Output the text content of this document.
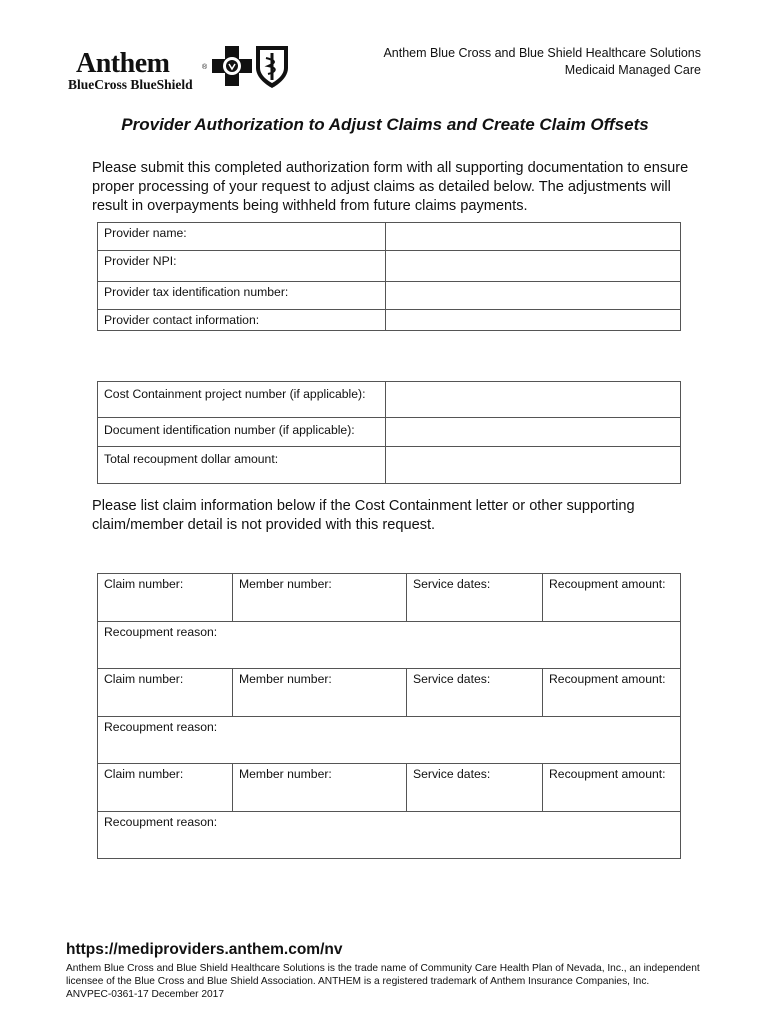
Anthem	®
BlueCross BlueShield
Anthem Blue Cross and Blue Shield Healthcare Solutions
Medicaid Managed Care
Provider Authorization to Adjust Claims and Create Claim Offsets
Please submit this completed authorization form with all supporting documentation to ensure proper processing of your request to adjust claims as detailed below. The adjustments will result in overpayments being withheld from future claims payments.
Provider name:	
Provider NPI:	
Provider tax identification number:	
Provider contact information:	
Cost Containment project number (if applicable):	
Document identification number (if applicable):	
Total recoupment dollar amount:	
Please list claim information below if the Cost Containment letter or other supporting claim/member detail is not provided with this request.
Claim number:	Member number:	Service dates:	Recoupment amount:
Recoupment reason:			
Claim number:	Member number:	Service dates:	Recoupment amount:
Recoupment reason:			
Claim number:	Member number:	Service dates:	Recoupment amount:
Recoupment reason:			
https://mediproviders.anthem.com/nv
Anthem Blue Cross and Blue Shield Healthcare Solutions is the trade name of Community Care Health Plan of Nevada, Inc., an independent licensee of the Blue Cross and Blue Shield Association. ANTHEM is a registered trademark of Anthem Insurance Companies, Inc.
ANVPEC-0361-17 December 2017
